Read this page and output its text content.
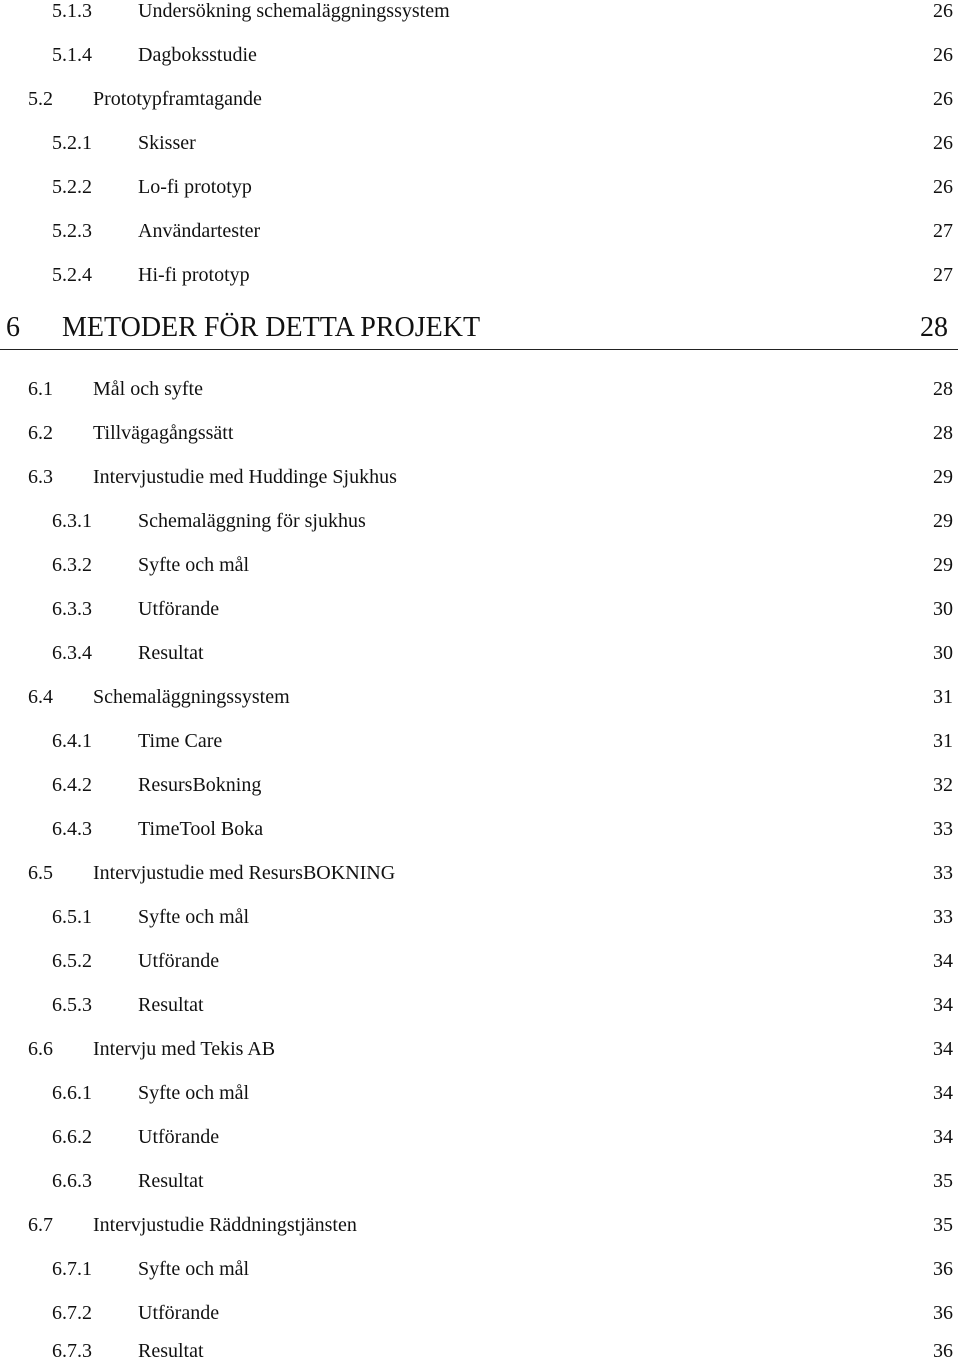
5.1.3 Undersökning schemaläggningssystem	26
5.1.4 Dagboksstudie	26
5.2 Prototypframtagande	26
5.2.1 Skisser	26
5.2.2 Lo-fi prototyp	26
5.2.3 Användartester	27
5.2.4 Hi-fi prototyp	27
6 METODER FÖR DETTA PROJEKT	28
6.1 Mål och syfte	28
6.2 Tillvägagångssätt	28
6.3 Intervjustudie med Huddinge Sjukhus	29
6.3.1 Schemaläggning för sjukhus	29
6.3.2 Syfte och mål	29
6.3.3 Utförande	30
6.3.4 Resultat	30
6.4 Schemaläggningssystem	31
6.4.1 Time Care	31
6.4.2 ResursBokning	32
6.4.3 TimeTool Boka	33
6.5 Intervjustudie med ResursBOKNING	33
6.5.1 Syfte och mål	33
6.5.2 Utförande	34
6.5.3 Resultat	34
6.6 Intervju med Tekis AB	34
6.6.1 Syfte och mål	34
6.6.2 Utförande	34
6.6.3 Resultat	35
6.7 Intervjustudie Räddningstjänsten	35
6.7.1 Syfte och mål	36
6.7.2 Utförande	36
6.7.3 Resultat	36
